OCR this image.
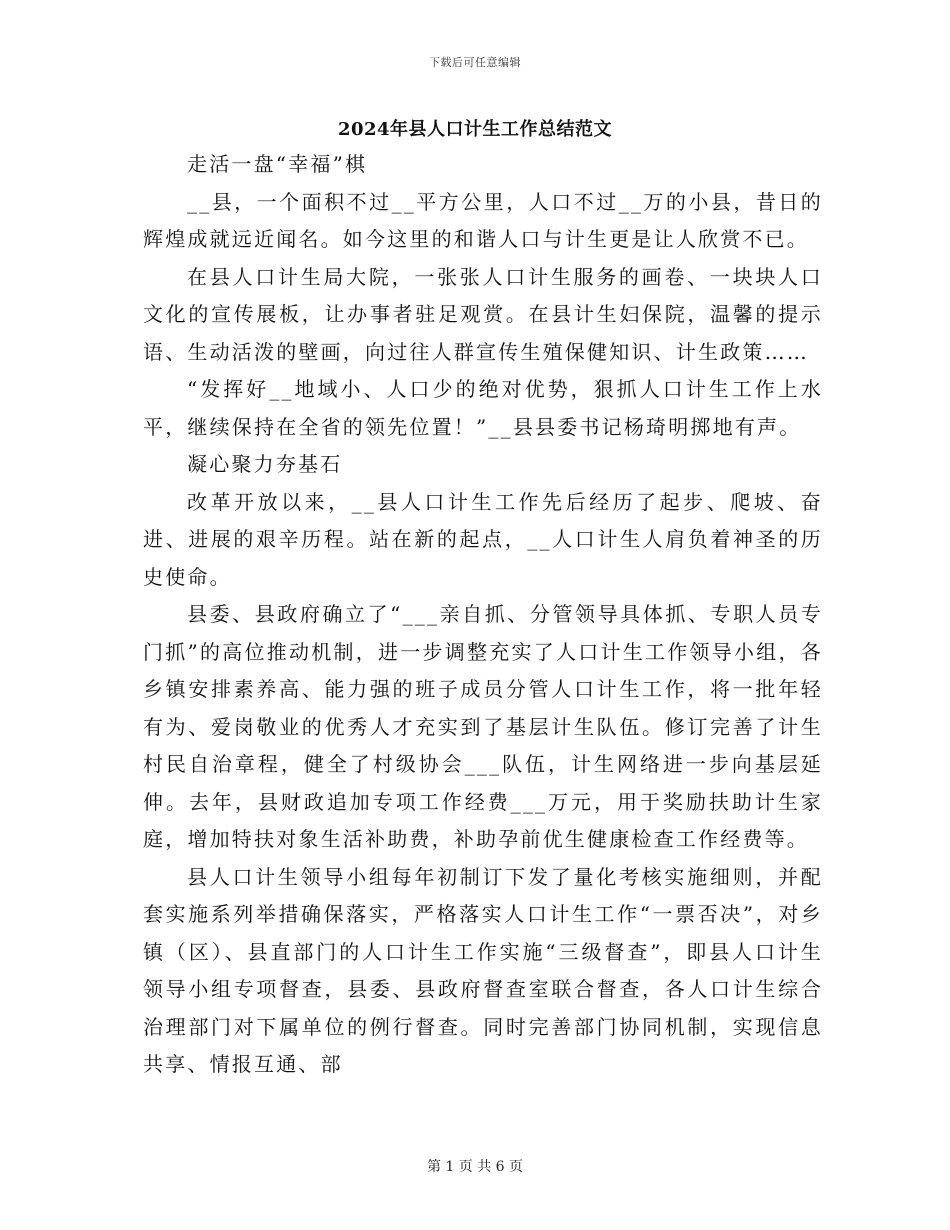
下载后可任意编辑
2024年县人口计生工作总结范文

走活一盘“幸福”棋

__县，一个面积不过__平方公里，人口不过__万的小县，昔日的辉煌成就远近闻名。如今这里的和谐人口与计生更是让人欣赏不已。

在县人口计生局大院，一张张人口计生服务的画卷、一块块人口文化的宣传展板，让办事者驻足观赏。在县计生妇保院，温馨的提示语、生动活泼的壁画，向过往人群宣传生殖保健知识、计生政策……

“发挥好__地域小、人口少的绝对优势，狠抓人口计生工作上水平，继续保持在全省的领先位置！”__县县委书记杨琦明掷地有声。

凝心聚力夯基石

改革开放以来，__县人口计生工作先后经历了起步、爬坡、奋进、进展的艰辛历程。站在新的起点，__人口计生人肩负着神圣的历史使命。

县委、县政府确立了“___亲自抓、分管领导具体抓、专职人员专门抓”的高位推动机制，进一步调整充实了人口计生工作领导小组，各乡镇安排素养高、能力强的班子成员分管人口计生工作，将一批年轻有为、爱岗敬业的优秀人才充实到了基层计生队伍。修订完善了计生村民自治章程，健全了村级协会___队伍，计生网络进一步向基层延伸。去年，县财政追加专项工作经费___万元，用于奖励扶助计生家庭，增加特扶对象生活补助费，补助孕前优生健康检查工作经费等。

县人口计生领导小组每年初制订下发了量化考核实施细则，并配套实施系列举措确保落实，严格落实人口计生工作“一票否决”，对乡镇（区）、县直部门的人口计生工作实施“三级督查”，即县人口计生领导小组专项督查，县委、县政府督查室联合督查，各人口计生综合治理部门对下属单位的例行督查。同时完善部门协同机制，实现信息共享、情报互通、部

第 1 页 共 6 页
